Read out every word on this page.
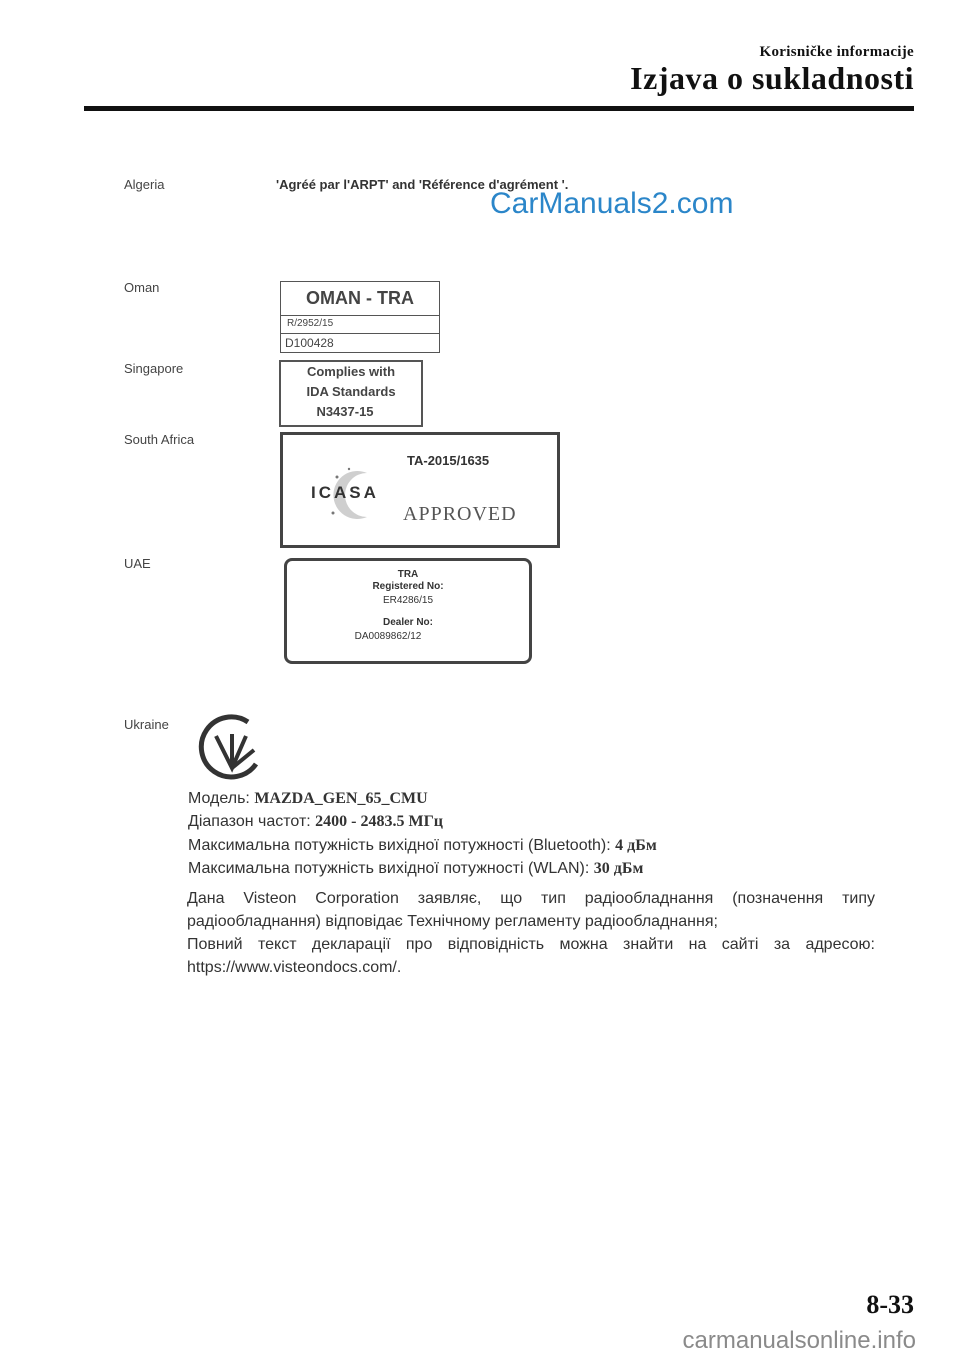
Korisničke informacije
Izjava o sukladnosti
Algeria	'Agréé par l'ARPT' and 'Référence d'agrément '.
CarManuals2.com
Oman
OMAN - TRA
R/2952/15
D100428
Singapore	Complies with
IDA Standards
N3437-15
South Africa
TA-2015/1635
ICASA
APPROVED
UAE
TRA
Registered No:
ER4286/15
Dealer No:
DA0089862/12
Ukraine
Модель: MAZDA_GEN_65_CMU
Діапазон частот: 2400 - 2483.5 МГц
Максимальна потужність вихідної потужності (Bluetooth): 4 дБм
Максимальна потужність вихідної потужності (WLAN): 30 дБм
Дана Visteon Corporation заявляє, що тип радіообладнання (позначення типу
радіообладнання) відповідає Технічному регламенту радіообладнання;
Повний текст декларації про відповідність можна знайти на сайті за адресою:
https://www.visteondocs.com/.
8-33
carmanualsonline.info
